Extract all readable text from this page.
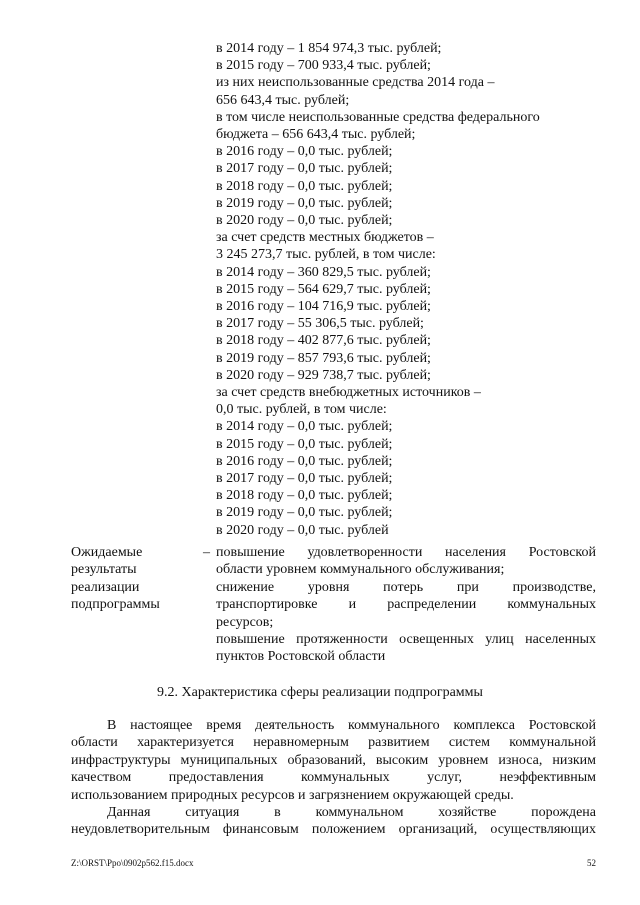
в 2014 году – 1 854 974,3 тыс. рублей;
в 2015 году – 700 933,4 тыс. рублей;
из них неиспользованные средства 2014 года –
656 643,4 тыс. рублей;
в том числе неиспользованные средства федерального
бюджета – 656 643,4 тыс. рублей;
в 2016 году – 0,0 тыс. рублей;
в 2017 году – 0,0 тыс. рублей;
в 2018 году – 0,0 тыс. рублей;
в 2019 году – 0,0 тыс. рублей;
в 2020 году – 0,0 тыс. рублей;
за счет средств местных бюджетов –
3 245 273,7 тыс. рублей, в том числе:
в 2014 году – 360 829,5 тыс. рублей;
в 2015 году – 564 629,7 тыс. рублей;
в 2016 году – 104 716,9 тыс. рублей;
в 2017 году – 55 306,5 тыс. рублей;
в 2018 году – 402 877,6 тыс. рублей;
в 2019 году – 857 793,6 тыс. рублей;
в 2020 году – 929 738,7 тыс. рублей;
за счет средств внебюджетных источников –
0,0 тыс. рублей, в том числе:
в 2014 году – 0,0 тыс. рублей;
в 2015 году – 0,0 тыс. рублей;
в 2016 году – 0,0 тыс. рублей;
в 2017 году – 0,0 тыс. рублей;
в 2018 году – 0,0 тыс. рублей;
в 2019 году – 0,0 тыс. рублей;
в 2020 году – 0,0 тыс. рублей
Ожидаемые
результаты
реализации
подпрограммы
– повышение удовлетворенности населения Ростовской
области уровнем коммунального обслуживания;
снижение уровня потерь при производстве,
транспортировке и распределении коммунальных
ресурсов;
повышение протяженности освещенных улиц населенных
пунктов Ростовской области
9.2. Характеристика сферы реализации подпрограммы
В настоящее время деятельность коммунального комплекса Ростовской
области характеризуется неравномерным развитием систем коммунальной
инфраструктуры муниципальных образований, высоким уровнем износа, низким
качеством предоставления коммунальных услуг, неэффективным
использованием природных ресурсов и загрязнением окружающей среды.
Данная ситуация в коммунальном хозяйстве порождена
неудовлетворительным финансовым положением организаций, осуществляющих
Z:\ORST\Ppo\0902p562.f15.docx	52
